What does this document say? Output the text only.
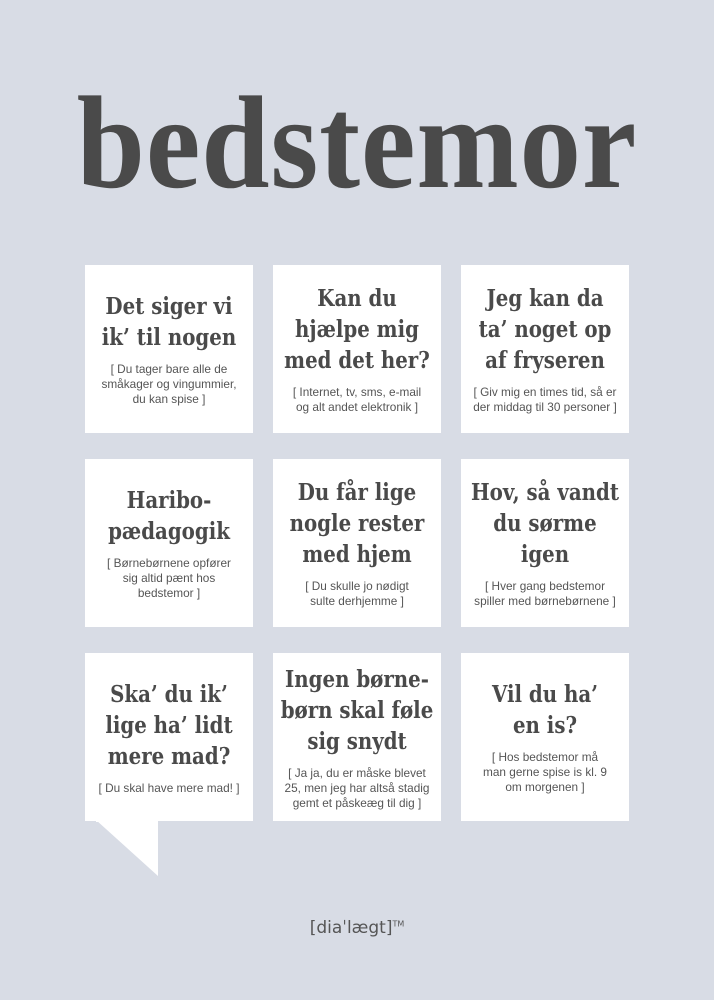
bedstemor
Det siger vi
ik’ til nogen
[ Du tager bare alle de
småkager og vingummier,
du kan spise ]
Kan du
hjælpe mig
med det her?
[ Internet, tv, sms, e-mail
og alt andet elektronik ]
Jeg kan da
ta’ noget op
af fryseren
[ Giv mig en times tid, så er
der middag til 30 personer ]
Haribo-
pædagogik
[ Børnebørnene opfører
sig altid pænt hos
bedstemor ]
Du får lige
nogle rester
med hjem
[ Du skulle jo nødigt
sulte derhjemme ]
Hov, så vandt
du sørme
igen
[ Hver gang bedstemor
spiller med børnebørnene ]
Ska’ du ik’
lige ha’ lidt
mere mad?
[ Du skal have mere mad! ]
Ingen børne-
børn skal føle
sig snydt
[ Ja ja, du er måske blevet
25, men jeg har altså stadig
gemt et påskeæg til dig ]
Vil du ha’
en is?
[ Hos bedstemor må
man gerne spise is kl. 9
om morgenen ]
[diaˈlægt]™
